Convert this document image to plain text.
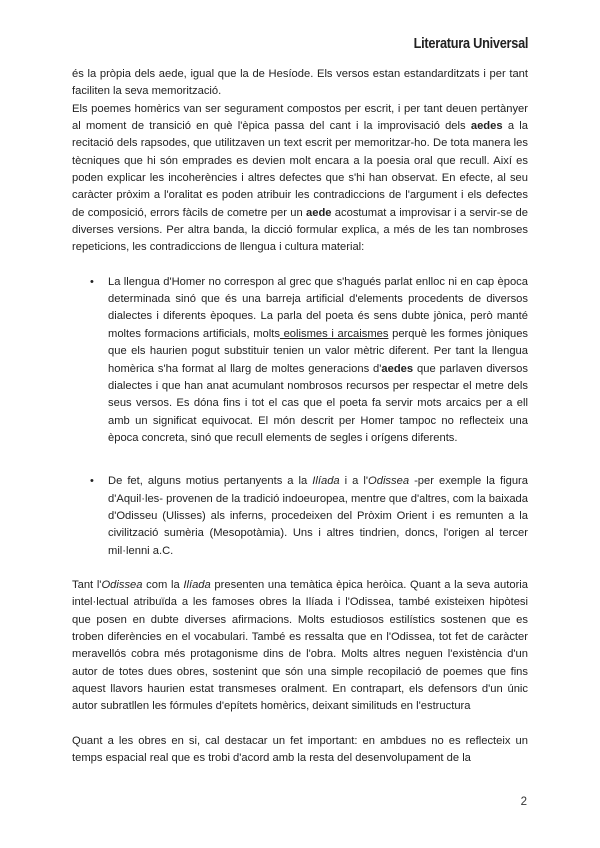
Literatura Universal

és la pròpia dels aede, igual que la de Hesíode. Els versos estan estandarditzats i per tant faciliten la seva memorització.

Els poemes homèrics van ser segurament compostos per escrit, i per tant deuen pertànyer al moment de transició en què l'èpica passa del cant i la improvisació dels aedes a la recitació dels rapsodes, que utilitzaven un text escrit per memoritzar-ho. De tota manera les tècniques que hi són emprades es devien molt encara a la poesia oral que recull. Així es poden explicar les incoherències i altres defectes que s'hi han observat. En efecte, al seu caràcter pròxim a l'oralitat es poden atribuir les contradiccions de l'argument i els defectes de composició, errors fàcils de cometre per un aede acostumat a improvisar i a servir-se de diverses versions. Per altra banda, la dicció formular explica, a més de les tan nombroses repeticions, les contradiccions de llengua i cultura material:

• La llengua d'Homer no correspon al grec que s'hagués parlat enlloc ni en cap època determinada sinó que és una barreja artificial d'elements procedents de diversos dialectes i diferents èpoques. La parla del poeta és sens dubte jònica, però manté moltes formacions artificials, molts eolismes i arcaismes perquè les formes jòniques que els haurien pogut substituir tenien un valor mètric diferent. Per tant la llengua homèrica s'ha format al llarg de moltes generacions d'aedes que parlaven diversos dialectes i que han anat acumulant nombrosos recursos per respectar el metre dels seus versos. Es dóna fins i tot el cas que el poeta fa servir mots arcaics per a ell amb un significat equivocat. El món descrit per Homer tampoc no reflecteix una època concreta, sinó que recull elements de segles i orígens diferents.
• De fet, alguns motius pertanyents a la Ilíada i a l'Odissea -per exemple la figura d'Aquil·les- provenen de la tradició indoeuropea, mentre que d'altres, com la baixada d'Odisseu (Ulisses) als inferns, procedeixen del Pròxim Orient i es remunten a la civilització sumèria (Mesopotàmia). Uns i altres tindrien, doncs, l'origen al tercer mil·lenni a.C.

Tant l'Odissea com la Ilíada presenten una temàtica èpica heròica. Quant a la seva autoria intel·lectual atribuïda a les famoses obres la Ilíada i l'Odissea, també existeixen hipòtesi que posen en dubte diverses afirmacions. Molts estudiosos estilístics sostenen que es troben diferències en el vocabulari. També es ressalta que en l'Odissea, tot fet de caràcter meravellós cobra més protagonisme dins de l'obra. Molts altres neguen l'existència d'un autor de totes dues obres, sostenint que són una simple recopilació de poemes que fins aquest llavors haurien estat transmeses oralment. En contrapart, els defensors d'un únic autor subratllen les fórmules d'epítets homèrics, deixant similituds en l'estructura

Quant a les obres en si, cal destacar un fet important: en ambdues no es reflecteix un temps espacial real que es trobi d'acord amb la resta del desenvolupament de la

2
